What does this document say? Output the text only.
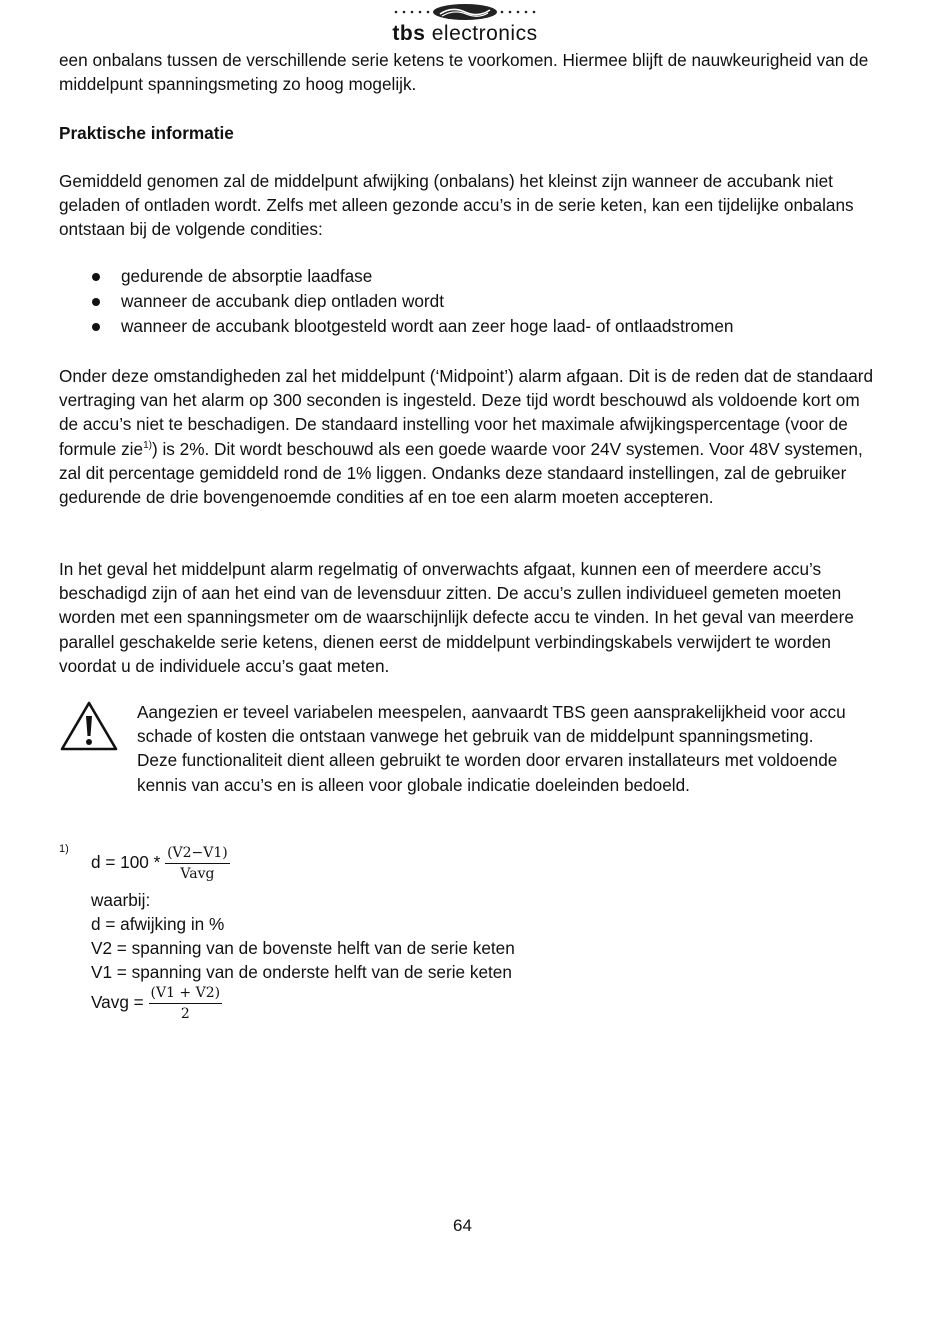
tbs electronics

een onbalans tussen de verschillende serie ketens te voorkomen. Hiermee blijft de nauwkeurigheid van de middelpunt spanningsmeting zo hoog mogelijk.

Praktische informatie

Gemiddeld genomen zal de middelpunt afwijking (onbalans) het kleinst zijn wanneer de accubank niet geladen of ontladen wordt. Zelfs met alleen gezonde accu’s in de serie keten, kan een tijdelijke onbalans ontstaan bij de volgende condities:

gedurende de absorptie laadfase
wanneer de accubank diep ontladen wordt
wanneer de accubank blootgesteld wordt aan zeer hoge laad- of ontlaadstromen

Onder deze omstandigheden zal het middelpunt (‘Midpoint’) alarm afgaan. Dit is de reden dat de standaard vertraging van het alarm op 300 seconden is ingesteld. Deze tijd wordt beschouwd als voldoende kort om de accu’s niet te beschadigen. De standaard instelling voor het maximale afwijkingspercentage (voor de formule zie$^{1)}$) is 2%. Dit wordt beschouwd als een goede waarde voor 24V systemen. Voor 48V systemen, zal dit percentage gemiddeld rond de 1% liggen. Ondanks deze standaard instellingen, zal de gebruiker gedurende de drie bovengenoemde condities af en toe een alarm moeten accepteren.

In het geval het middelpunt alarm regelmatig of onverwachts afgaat, kunnen een of meerdere accu’s beschadigd zijn of aan het eind van de levensduur zitten. De accu’s zullen individueel gemeten moeten worden met een spanningsmeter om de waarschijnlijk defecte accu te vinden. In het geval van meerdere parallel geschakelde serie ketens, dienen eerst de middelpunt verbindingskabels verwijdert te worden voordat u de individuele accu’s gaat meten.

Aangezien er teveel variabelen meespelen, aanvaardt TBS geen aansprakelijkheid voor accu schade of kosten die ontstaan vanwege het gebruik van de middelpunt spanningsmeting. Deze functionaliteit dient alleen gebruikt te worden door ervaren installateurs met voldoende kennis van accu’s en is alleen voor globale indicatie doeleinden bedoeld.

1)
$d = 100 * \frac{(V2-V1)}{\text{Vavg}}$
waarbij:
d = afwijking in %
V2 = spanning van de bovenste helft van de serie keten
V1 = spanning van de onderste helft van de serie keten
Vavg = $\frac{(V1 + V2)}{2}$
64
